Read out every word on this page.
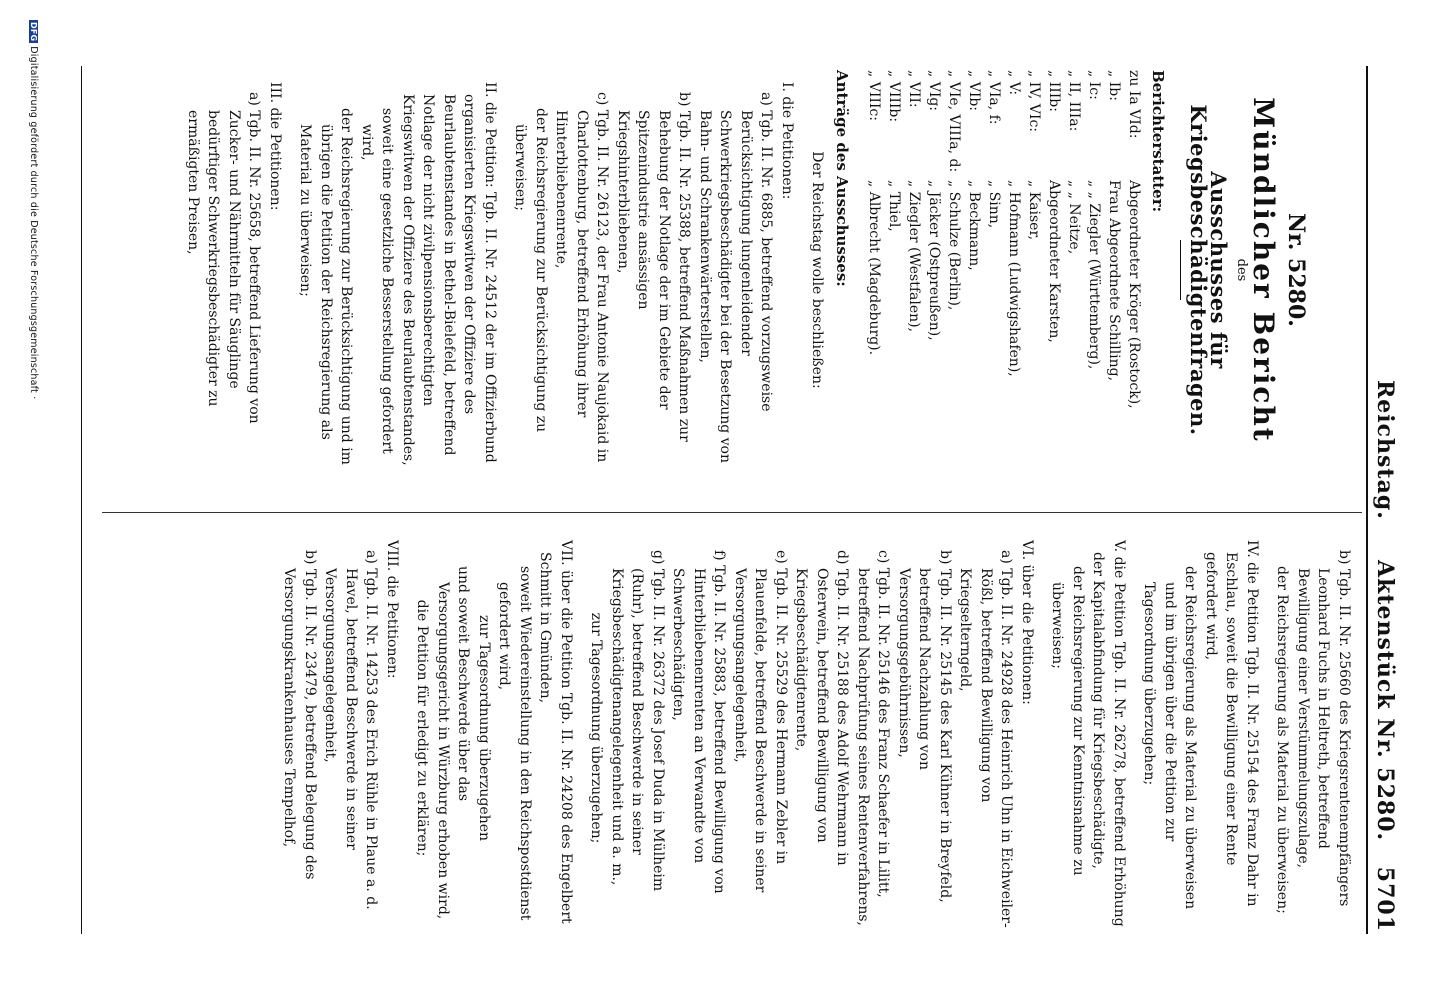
Reichstag.
Aktenstück Nr. 5280.
5701
Nr. 5280.
Mündlicher Bericht
des
Ausschusses für Kriegsbeschädigtenfragen.
Berichterstatter:
zu Ia VId:
Abgeordneter Kröger (Rostock),
„ Ib:
Frau Abgeordnete Schilling,
„ Ic:
„ „ Ziegler (Württemberg),
„ II, IIIa:
„ „ Neitze,
„ IIIb:
Abgeordneter Karsten,
„ IV, VIc:
„ Kaiser,
„ V:
„ Hofmann (Ludwigshafen),
„ VIa, f:
„ Sinn,
„ VIb:
„ Beckmann,
„ VIe, VIIIa, d:
„ Schulze (Berlin),
„ VIg:
„ Jäcker (Ostpreußen),
„ VII:
„ Ziegler (Westfalen),
„ VIIIb:
„ Thiel,
„ VIIIc:
„ Albrecht (Magdeburg).
Anträge des Ausschusses:

Der Reichstag wolle beschließen:

I. die Petitionen:

a) Tgb. II. Nr. 6885, betreffend vorzugsweise Berücksichtigung lungenleidender Schwerkriegsbeschädigter bei der Besetzung von Bahn- und Schrankenwärterstellen,

b) Tgb. II. Nr. 25388, betreffend Maßnahmen zur Behebung der Notlage der im Gebiete der Spitzenindustrie ansässigen Kriegshinterbliebenen,

c) Tgb. II. Nr. 26123, der Frau Antonie Naujokaid in Charlottenburg, betreffend Erhöhung ihrer Hinterbliebenenrente,

der Reichsregierung zur Berücksichtigung zu überweisen;

II. die Petition: Tgb. II. Nr. 24512 der im Offizierbund organisierten Kriegswitwen der Offiziere des Beurlaubtenstandes in Bethel-Bielefeld, betreffend Notlage der nicht zivilpensionsberechtigten Kriegswitwen der Offiziere des Beurlaubtenstandes,

soweit eine gesetzliche Besserstellung gefordert wird,

der Reichsregierung zur Berücksichtigung und im übrigen die Petition der Reichsregierung als Material zu überweisen;

III. die Petitionen:

a) Tgb. II. Nr. 25658, betreffend Lieferung von Zucker- und Nährmitteln für Säuglinge bedürftiger Schwerkriegsbeschädigter zu ermäßigten Preisen,

b) Tgb. II. Nr. 25660 des Kriegsrentenempfängers Leonhard Fuchs in Heltreth, betreffend Bewilligung einer Verstümmelungszulage,

der Reichsregierung als Material zu überweisen;

IV. die Petition Tgb. II. Nr. 25154 des Franz Dahr in Eschlau, soweit die Bewilligung einer Rente gefordert wird,

der Reichsregierung als Material zu überweisen und im übrigen über die Petition zur Tagesordnung überzugehen;

V. die Petition Tgb. II. Nr. 26278, betreffend Erhöhung der Kapitalabfindung für Kriegsbeschädigte,

der Reichsregierung zur Kenntnisnahme zu überweisen;

VI. über die Petitionen:

a) Tgb. II. Nr. 24928 des Heinrich Uhn in Eichweiler-Rößl, betreffend Bewilligung von Kriegselterngeld,

b) Tgb. II. Nr. 25145 des Karl Kühner in Breyfeld, betreffend Nachzahlung von Versorgungsgebührnissen,

c) Tgb. II. Nr. 25146 des Franz Schaefer in Lilitt, betreffend Nachprüfung seines Rentenverfahrens,

d) Tgb. II. Nr. 25188 des Adolf Wehrmann in Osterwein, betreffend Bewilligung von Kriegsbeschädigtenrente,

e) Tgb. II. Nr. 25529 des Hermann Zebler in Plauenfelde, betreffend Beschwerde in seiner Versorgungsangelegenheit,

f) Tgb. II. Nr. 25883, betreffend Bewilligung von Hinterbliebenenrenten an Verwandte von Schwerbeschädigten,

g) Tgb. II. Nr. 26372 des Josef Duda in Mülheim (Ruhr), betreffend Beschwerde in seiner Kriegsbeschädigtenangelegenheit und a. m.,

zur Tagesordnung überzugehen;

VII. über die Petition Tgb. II. Nr. 24208 des Engelbert Schmitt in Gmünden,

soweit Wiedereinstellung in den Reichspostdienst gefordert wird,

zur Tagesordnung überzugehen

und soweit Beschwerde über das Versorgungsgericht in Würzburg erhoben wird,

die Petition für erledigt zu erklären;

VIII. die Petitionen:

a) Tgb. II. Nr. 14253 des Erich Rühle in Plaue a. d. Havel, betreffend Beschwerde in seiner Versorgungsangelegenheit,

b) Tgb. II. Nr. 23479, betreffend Belegung des Versorgungskrankenhauses Tempelhof,

DFGDigitalisierung gefördert durch die Deutsche Forschungsgemeinschaft ·
